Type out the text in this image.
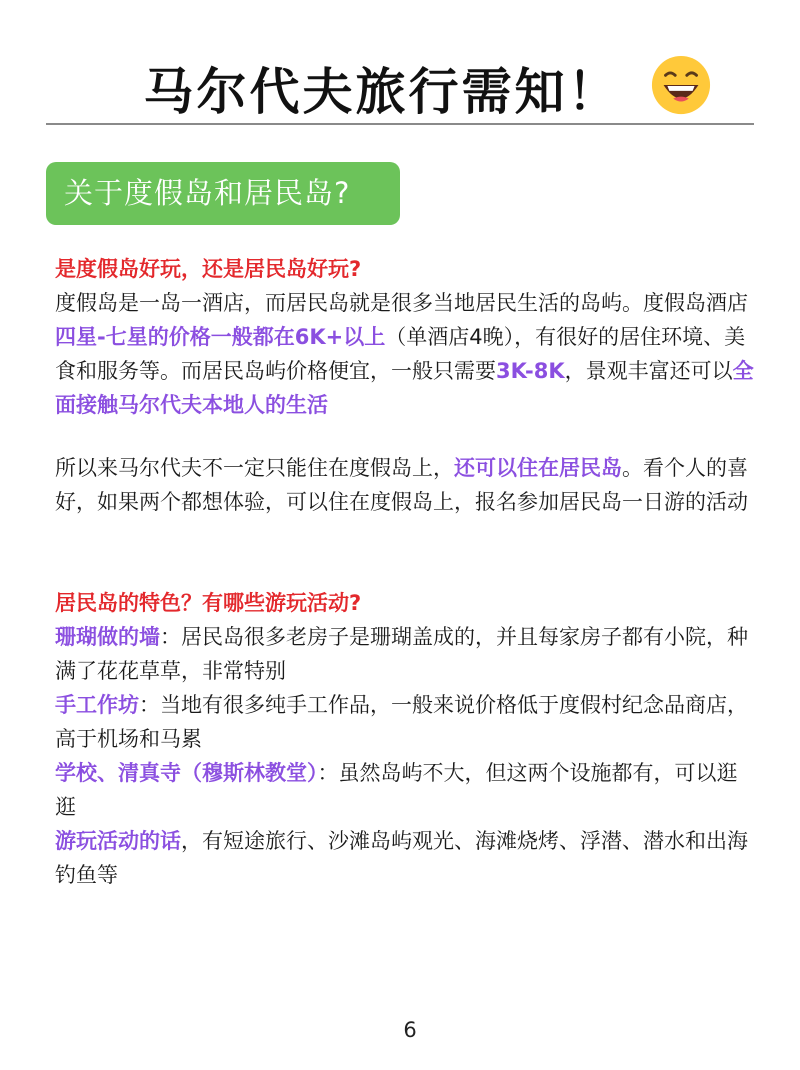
马尔代夫旅行需知！
关于度假岛和居民岛?
是度假岛好玩，还是居民岛好玩?
度假岛是一岛一酒店，而居民岛就是很多当地居民生活的岛屿。度假岛酒店四星-七星的价格一般都在6K+以上（单酒店4晚），有很好的居住环境、美食和服务等。而居民岛屿价格便宜，一般只需要3K-8K，景观丰富还可以全面接触马尔代夫本地人的生活
所以来马尔代夫不一定只能住在度假岛上，还可以住在居民岛。看个人的喜好，如果两个都想体验，可以住在度假岛上，报名参加居民岛一日游的活动
居民岛的特色？有哪些游玩活动?
珊瑚做的墙：居民岛很多老房子是珊瑚盖成的，并且每家房子都有小院，种满了花花草草，非常特别
手工作坊：当地有很多纯手工作品，一般来说价格低于度假村纪念品商店，高于机场和马累
学校、清真寺（穆斯林教堂）：虽然岛屿不大，但这两个设施都有，可以逛逛
游玩活动的话，有短途旅行、沙滩岛屿观光、海滩烧烤、浮潜、潜水和出海钓鱼等
6
